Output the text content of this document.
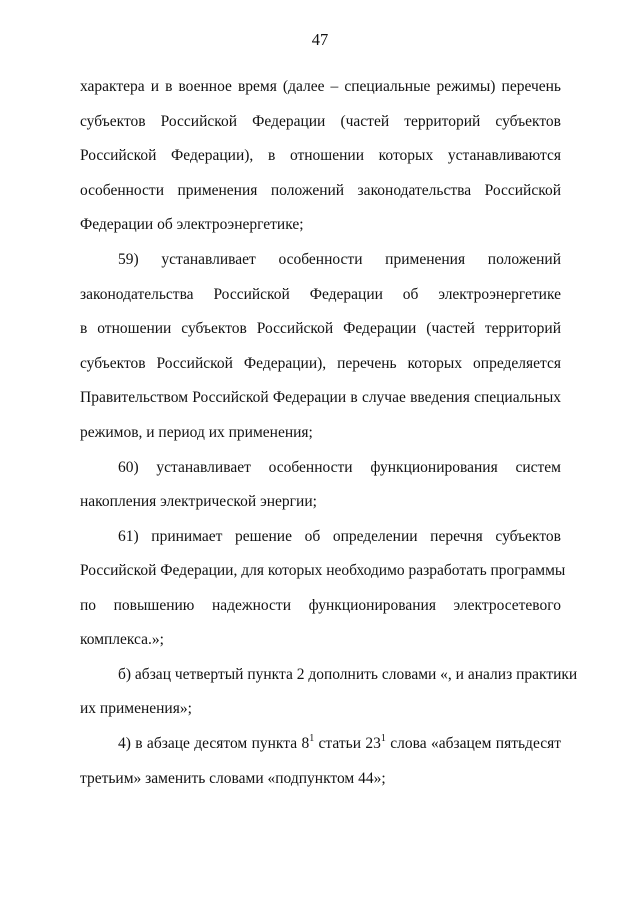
47
характера и в военное время (далее – специальные режимы) перечень
субъектов Российской Федерации (частей территорий субъектов
Российской Федерации), в отношении которых устанавливаются
особенности применения положений законодательства Российской
Федерации об электроэнергетике;
59) устанавливает особенности применения положений
законодательства Российской Федерации об электроэнергетике
в отношении субъектов Российской Федерации (частей территорий
субъектов Российской Федерации), перечень которых определяется
Правительством Российской Федерации в случае введения специальных
режимов, и период их применения;
60) устанавливает особенности функционирования систем
накопления электрической энергии;
61) принимает решение об определении перечня субъектов
Российской Федерации, для которых необходимо разработать программы
по повышению надежности функционирования электросетевого
комплекса.»;
б) абзац четвертый пункта 2 дополнить словами «, и анализ практики
их применения»;
4) в абзаце десятом пункта $8^1$ статьи $23^1$ слова «абзацем пятьдесят
третьим» заменить словами «подпунктом 44»;
